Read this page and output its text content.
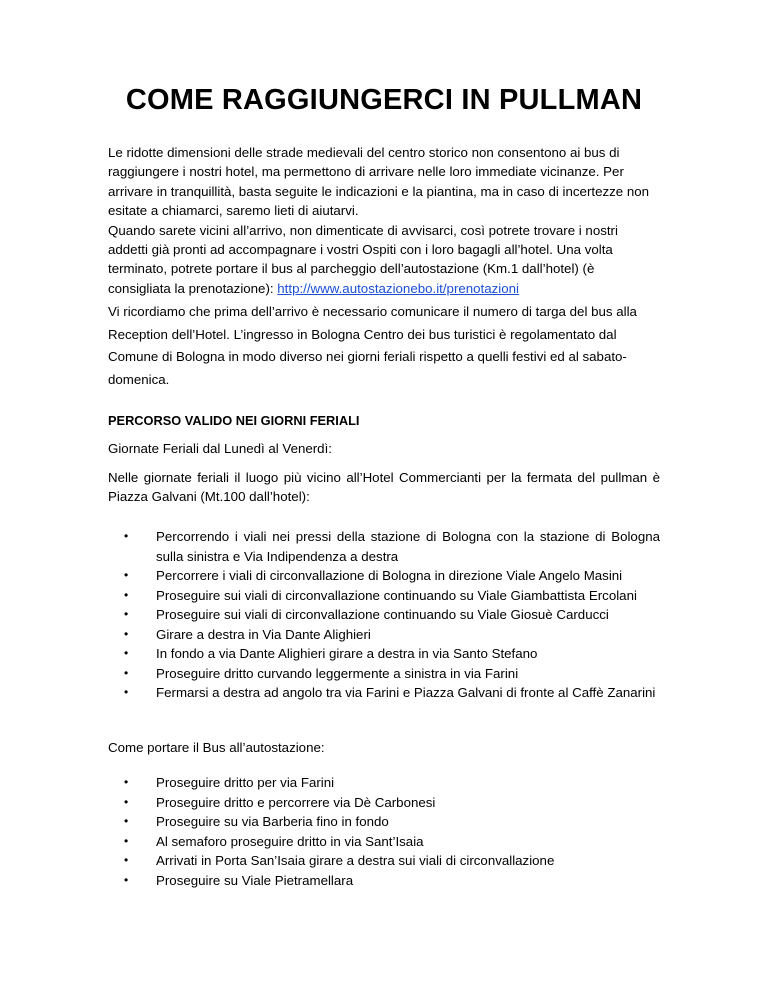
COME RAGGIUNGERCI IN PULLMAN

Le ridotte dimensioni delle strade medievali del centro storico non consentono ai bus di raggiungere i nostri hotel, ma permettono di arrivare nelle loro immediate vicinanze. Per arrivare in tranquillità, basta seguite le indicazioni e la piantina, ma in caso di incertezze non esitate a chiamarci, saremo lieti di aiutarvi.

Quando sarete vicini all’arrivo, non dimenticate di avvisarci, così potrete trovare i nostri addetti già pronti ad accompagnare i vostri Ospiti con i loro bagagli all’hotel. Una volta terminato, potrete portare il bus al parcheggio dell’autostazione (Km.1 dall’hotel) (è consigliata la prenotazione): http://www.autostazionebo.it/prenotazioni

Vi ricordiamo che prima dell’arrivo è necessario comunicare il numero di targa del bus alla Reception dell’Hotel. L’ingresso in Bologna Centro dei bus turistici è regolamentato dal Comune di Bologna in modo diverso nei giorni feriali rispetto a quelli festivi ed al sabato-domenica.

PERCORSO VALIDO NEI GIORNI FERIALI

Giornate Feriali dal Lunedì al Venerdì:

Nelle giornate feriali il luogo più vicino all’Hotel Commercianti per la fermata del pullman è Piazza Galvani (Mt.100 dall’hotel):

• Percorrendo i viali nei pressi della stazione di Bologna con la stazione di Bologna sulla sinistra e Via Indipendenza a destra
• Percorrere i viali di circonvallazione di Bologna in direzione Viale Angelo Masini
• Proseguire sui viali di circonvallazione continuando su Viale Giambattista Ercolani
• Proseguire sui viali di circonvallazione continuando su Viale Giosuè Carducci
• Girare a destra in Via Dante Alighieri
• In fondo a via Dante Alighieri girare a destra in via Santo Stefano
• Proseguire dritto curvando leggermente a sinistra in via Farini
• Fermarsi a destra ad angolo tra via Farini e Piazza Galvani di fronte al Caffè Zanarini

Come portare il Bus all’autostazione:

• Proseguire dritto per via Farini
• Proseguire dritto e percorrere via Dè Carbonesi
• Proseguire su via Barberia fino in fondo
• Al semaforo proseguire dritto in via Sant’Isaia
• Arrivati in Porta San’Isaia girare a destra sui viali di circonvallazione
• Proseguire su Viale Pietramellara
